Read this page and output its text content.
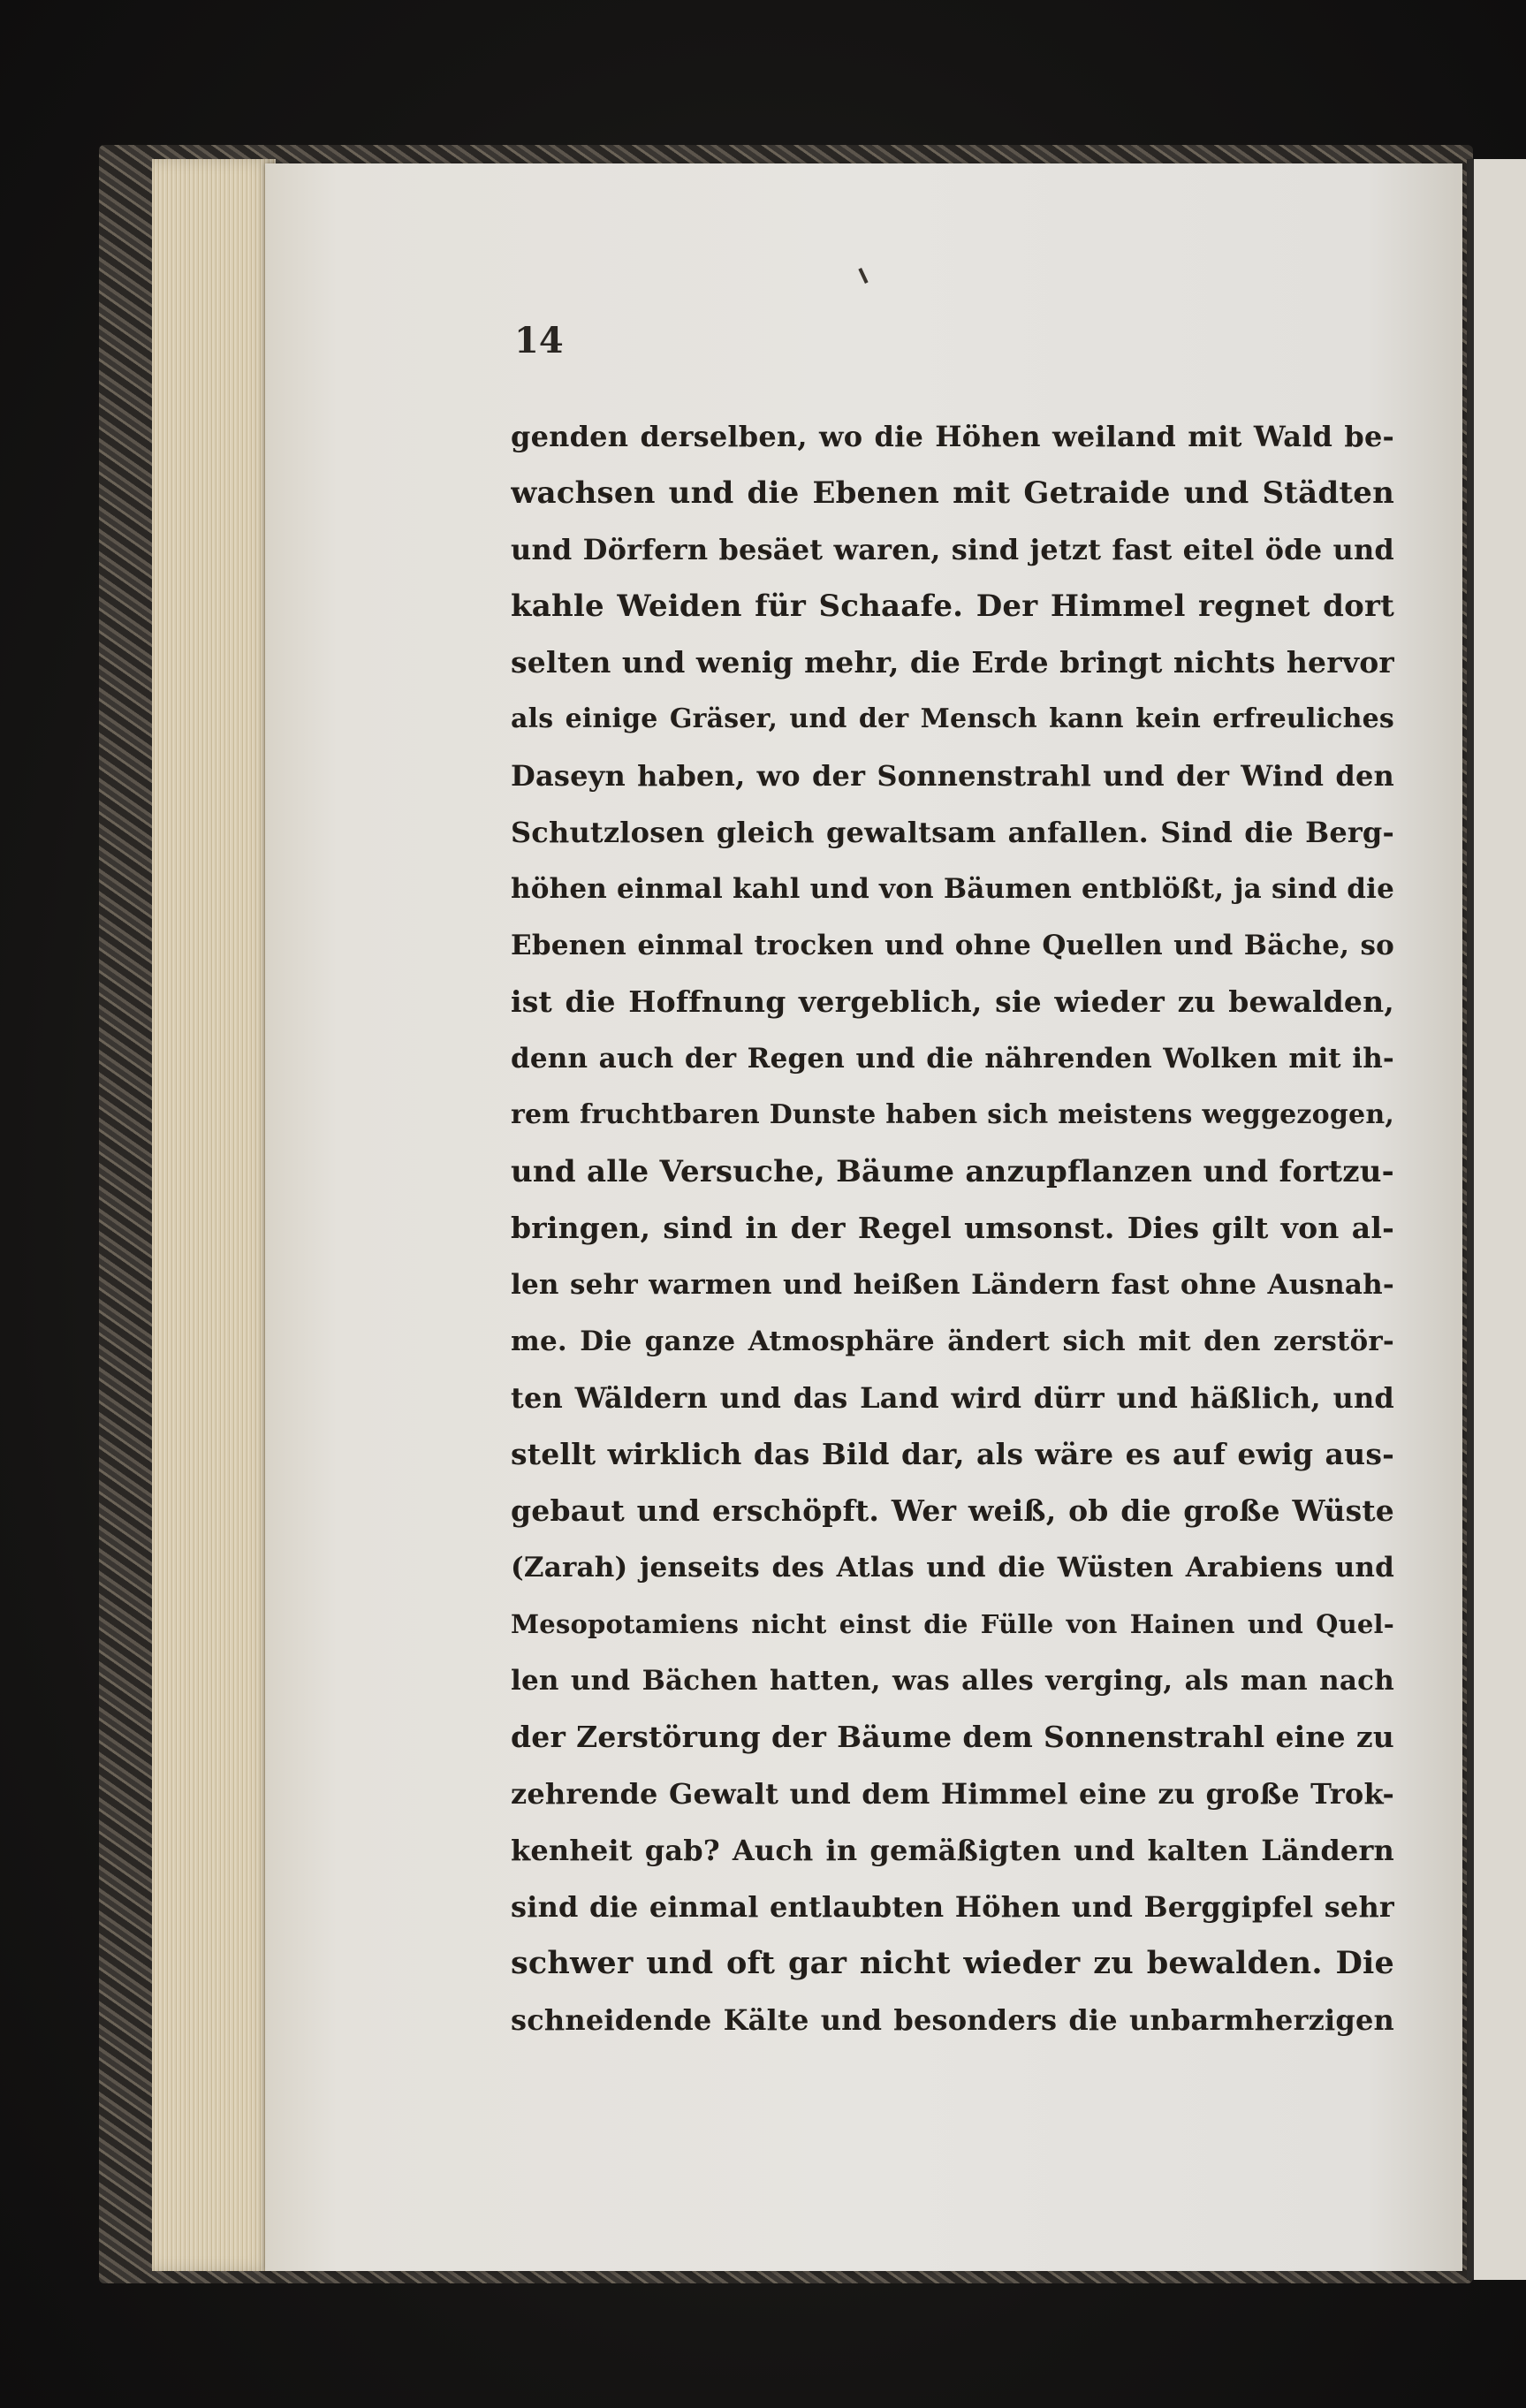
14
genden derselben, wo die Höhen weiland mit Wald be-
wachsen und die Ebenen mit Getraide und Städten
und Dörfern besäet waren, sind jetzt fast eitel öde und
kahle Weiden für Schaafe. Der Himmel regnet dort
selten und wenig mehr, die Erde bringt nichts hervor
als einige Gräser, und der Mensch kann kein erfreuliches
Daseyn haben, wo der Sonnenstrahl und der Wind den
Schutzlosen gleich gewaltsam anfallen. Sind die Berg-
höhen einmal kahl und von Bäumen entblößt, ja sind die
Ebenen einmal trocken und ohne Quellen und Bäche, so
ist die Hoffnung vergeblich, sie wieder zu bewalden,
denn auch der Regen und die nährenden Wolken mit ih-
rem fruchtbaren Dunste haben sich meistens weggezogen,
und alle Versuche, Bäume anzupflanzen und fortzu-
bringen, sind in der Regel umsonst. Dies gilt von al-
len sehr warmen und heißen Ländern fast ohne Ausnah-
me. Die ganze Atmosphäre ändert sich mit den zerstör-
ten Wäldern und das Land wird dürr und häßlich, und
stellt wirklich das Bild dar, als wäre es auf ewig aus-
gebaut und erschöpft. Wer weiß, ob die große Wüste
(Zarah) jenseits des Atlas und die Wüsten Arabiens und
Mesopotamiens nicht einst die Fülle von Hainen und Quel-
len und Bächen hatten, was alles verging, als man nach
der Zerstörung der Bäume dem Sonnenstrahl eine zu
zehrende Gewalt und dem Himmel eine zu große Trok-
kenheit gab? Auch in gemäßigten und kalten Ländern
sind die einmal entlaubten Höhen und Berggipfel sehr
schwer und oft gar nicht wieder zu bewalden. Die
schneidende Kälte und besonders die unbarmherzigen
